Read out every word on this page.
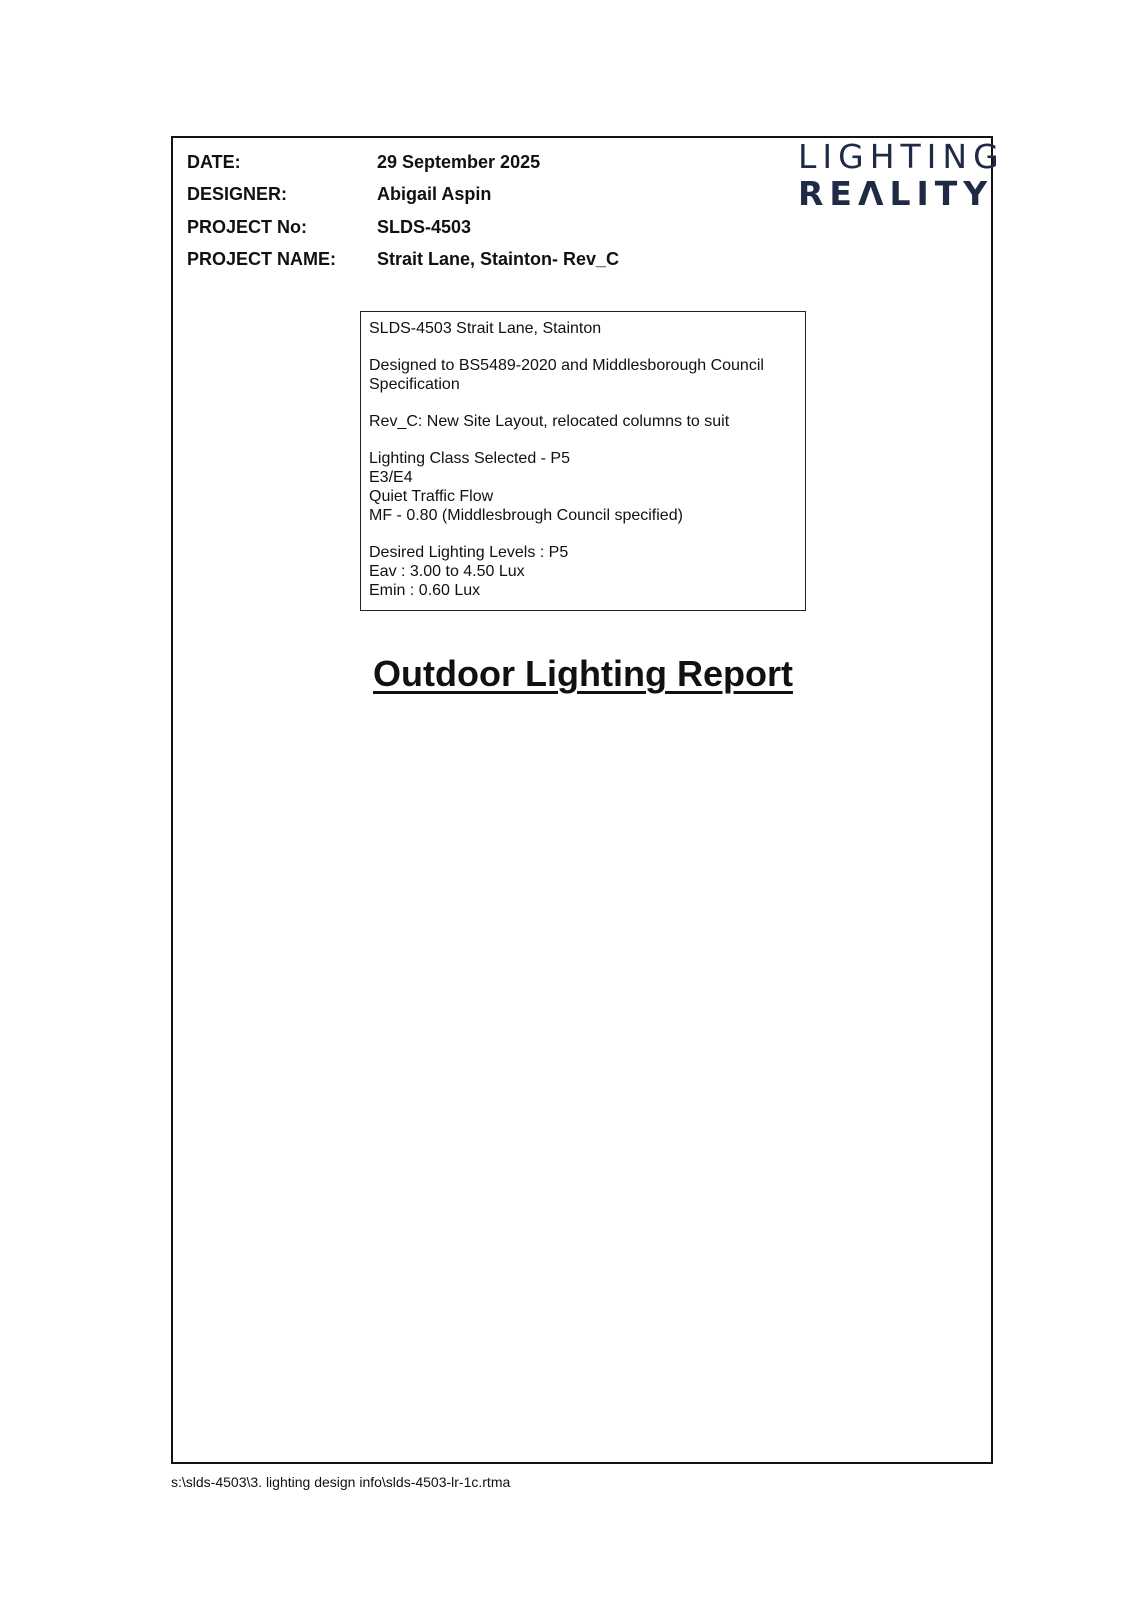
DATE:	29 September 2025
DESIGNER:	Abigail Aspin
PROJECT No:	SLDS-4503
PROJECT NAME:	Strait Lane, Stainton- Rev_C
LIGHTING
REΛLITY

SLDS-4503 Strait Lane, Stainton

Designed to BS5489-2020 and Middlesborough Council
Specification

Rev_C: New Site Layout, relocated columns to suit

Lighting Class Selected - P5
E3/E4
Quiet Traffic Flow
MF - 0.80 (Middlesbrough Council specified)

Desired Lighting Levels : P5
Eav : 3.00 to 4.50 Lux
Emin : 0.60 Lux

Outdoor Lighting Report
s:\slds-4503\3. lighting design info\slds-4503-lr-1c.rtma
